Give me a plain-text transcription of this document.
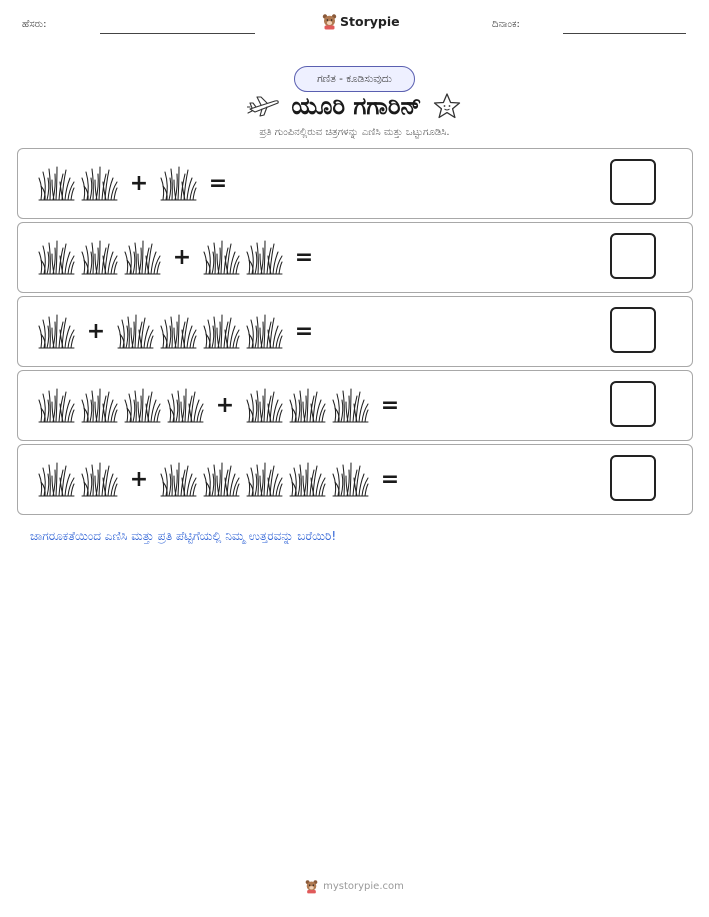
ಹೆಸರು:	Storypie	ದಿನಾಂಕ:
ಗಣಿತ - ಕೂಡಿಸುವುದು
ಯೂರಿ ಗಗಾರಿನ್
ಪ್ರತಿ ಗುಂಪಿನಲ್ಲಿರುವ ಚಿತ್ರಗಳನ್ನು ಎಣಿಸಿ ಮತ್ತು ಒಟ್ಟುಗೂಡಿಸಿ.
+	=
+	=
+	=
+	=
+	=
ಜಾಗರೂಕತೆಯಿಂದ ಎಣಿಸಿ ಮತ್ತು ಪ್ರತಿ ಪೆಟ್ಟಿಗೆಯಲ್ಲಿ ನಿಮ್ಮ ಉತ್ತರವನ್ನು ಬರೆಯಿರಿ!
mystorypie.com
